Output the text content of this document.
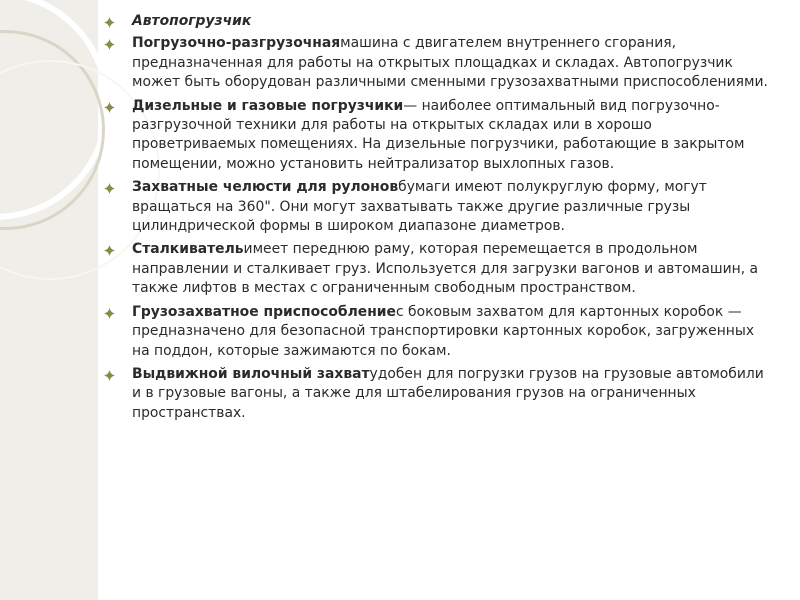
Автопогрузчик
Погрузочно-разгрузочнаямашина с двигателем внутреннего сгорания, предназначенная для работы на открытых площадках и складах. Автопогрузчик может быть оборудован различными сменными грузозахватными приспособлениями.
Дизельные и газовые погрузчики— наиболее оптимальный вид погрузочно-разгрузочной техники для работы на открытых складах или в хорошо проветриваемых помещениях. На дизельные погрузчики, работающие в закрытом помещении, можно установить нейтрализатор выхлопных газов.
Захватные челюсти для рулоновбумаги имеют полукруглую форму, могут вращаться на 360". Они могут захватывать также другие различные грузы цилиндрической формы в широком диапазоне диаметров.
Сталкивательимеет переднюю раму, которая перемещается в продольном направлении и сталкивает груз. Используется для загрузки вагонов и автомашин, а также лифтов в местах с ограниченным свободным пространством.
Грузозахватное приспособлениес боковым захватом для картонных коробок — предназначено для безопасной транспортировки картонных коробок, загруженных на поддон, которые зажимаются по бокам.
Выдвижной вилочный захватудобен для погрузки грузов на грузовые автомобили и в грузовые вагоны, а также для штабелирования грузов на ограниченных пространствах.
